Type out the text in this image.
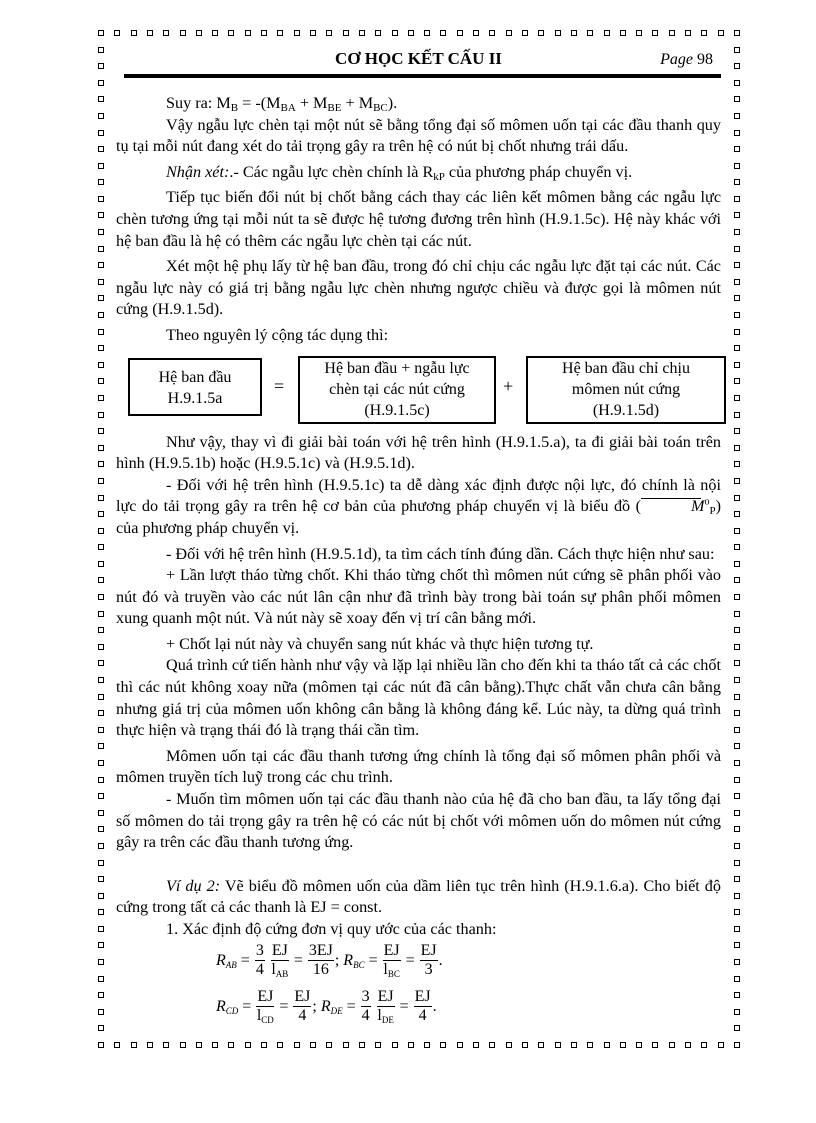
CƠ HỌC KẾT CẤU II	Page 98

Suy ra: $M_B = -(M_{BA} + M_{BE} + M_{BC})$.

Vậy ngẫu lực chèn tại một nút sẽ bằng tổng đại số mômen uốn tại các đầu thanh quy tụ tại mỗi nút đang xét do tải trọng gây ra trên hệ có nút bị chốt nhưng trái dấu.

Nhận xét:.- Các ngẫu lực chèn chính là $R_{kP}$ của phương pháp chuyển vị.

Tiếp tục biến đổi nút bị chốt bằng cách thay các liên kết mômen bằng các ngẫu lực chèn tương ứng tại mỗi nút ta sẽ được hệ tương đương trên hình (H.9.1.5c). Hệ này khác với hệ ban đầu là hệ có thêm các ngẫu lực chèn tại các nút.

Xét một hệ phụ lấy từ hệ ban đầu, trong đó chỉ chịu các ngẫu lực đặt tại các nút. Các ngẫu lực này có giá trị bằng ngẫu lực chèn nhưng ngược chiều và được gọi là mômen nút cứng (H.9.1.5d).

Theo nguyên lý cộng tác dụng thì:

Hệ ban đầu
H.9.1.5a
=
Hệ ban đầu + ngẫu lực
chèn tại các nút cứng
(H.9.1.5c)
+
Hệ ban đầu chỉ chịu
mômen nút cứng
(H.9.1.5d)

Như vậy, thay vì đi giải bài toán với hệ trên hình (H.9.1.5.a), ta đi giải bài toán trên hình (H.9.5.1b) hoặc (H.9.5.1c) và (H.9.5.1d).

- Đối với hệ trên hình (H.9.5.1c) ta dễ dàng xác định được nội lực, đó chính là nội lực do tải trọng gây ra trên hệ cơ bản của phương pháp chuyển vị là biểu đồ (	$M^o_P$) của phương pháp chuyển vị.

- Đối với hệ trên hình (H.9.5.1d), ta tìm cách tính đúng dần. Cách thực hiện như sau:

+ Lần lượt tháo từng chốt. Khi tháo từng chốt thì mômen nút cứng sẽ phân phối vào nút đó và truyền vào các nút lân cận như đã trình bày trong bài toán sự phân phối mômen xung quanh một nút. Và nút này sẽ xoay đến vị trí cân bằng mới.

+ Chốt lại nút này và chuyển sang nút khác và thực hiện tương tự.

Quá trình cứ tiến hành như vậy và lặp lại nhiều lần cho đến khi ta tháo tất cả các chốt thì các nút không xoay nữa (mômen tại các nút đã cân bằng).Thực chất vẫn chưa cân bằng nhưng giá trị của mômen uốn không cân bằng là không đáng kể. Lúc này, ta dừng quá trình thực hiện và trạng thái đó là trạng thái cần tìm.

Mômen uốn tại các đầu thanh tương ứng chính là tổng đại số mômen phân phối và mômen truyền tích luỹ trong các chu trình.

- Muốn tìm mômen uốn tại các đầu thanh nào của hệ đã cho ban đầu, ta lấy tổng đại số mômen do tải trọng gây ra trên hệ có các nút bị chốt với mômen uốn do mômen nút cứng gây ra trên các đầu thanh tương ứng.

Ví dụ 2: Vẽ biểu đồ mômen uốn của dầm liên tục trên hình (H.9.1.6.a). Cho biết độ cứng trong tất cả các thanh là EJ = const.

1. Xác định độ cứng đơn vị quy ước của các thanh:

$R_{AB} = \frac{3}{4}$
$\frac{EJ}{l_{AB}} = \frac{3EJ}{16}$ ; $R_{BC} = \frac{EJ}{l_{BC}} = \frac{EJ}{3}$ .
$R_{CD} = \frac{EJ}{l_{CD}} = \frac{EJ}{4}$ ; $R_{DE} = \frac{3}{4}$
$\frac{EJ}{l_{DE}} = \frac{EJ}{4}$ .
